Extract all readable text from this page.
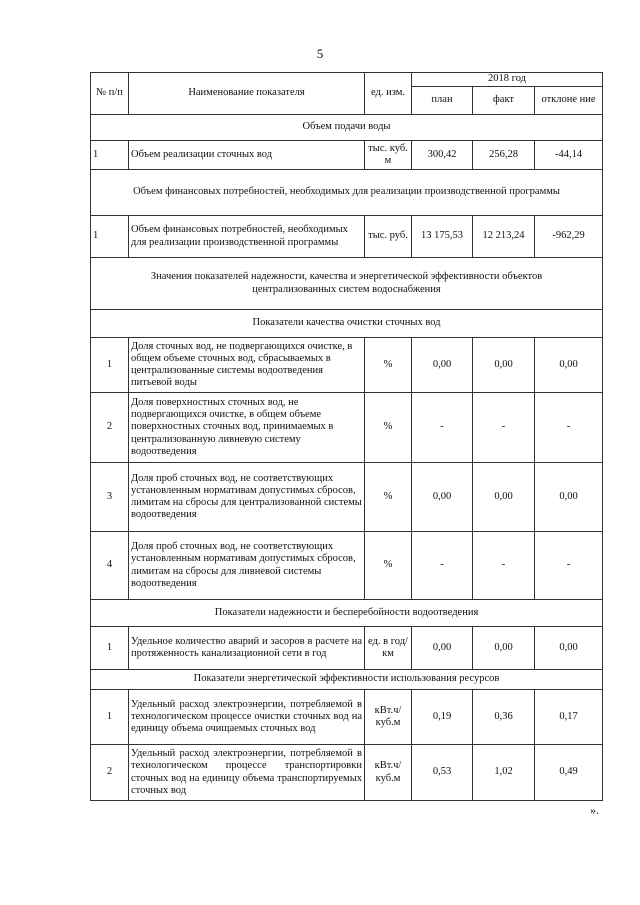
5
№ п/п	Наименование показателя	ед. изм.	2018 год		
			план	факт	отклоне ние
Объем подачи воды					
1	Объем реализации сточных вод	тыс. куб. м	300,42	256,28	-44,14
Объем финансовых потребностей, необходимых для реализации производственной программы					
1	Объем финансовых потребностей, необходимых для реализации производственной программы	тыс. руб.	13 175,53	12 213,24	-962,29
Значения показателей надежности, качества и энергетической эффективности объектов централизованных систем водоснабжения					
Показатели качества очистки сточных вод					
1	Доля сточных вод, не подвергающихся очистке, в общем объеме сточных вод, сбрасываемых в централизованные системы водоотведения питьевой воды	%	0,00	0,00	0,00
2	Доля поверхностных сточных вод, не подвергающихся очистке, в общем объеме поверхностных сточных вод, принимаемых в централизованную ливневую систему водоотведения	%	-	-	-
3	Доля проб сточных вод, не соответствующих установленным нормативам допустимых сбросов, лимитам на сбросы для централизованной системы водоотведения	%	0,00	0,00	0,00
4	Доля проб сточных вод, не соответствующих установленным нормативам допустимых сбросов, лимитам на сбросы для ливневой системы водоотведения	%	-	-	-
Показатели надежности и бесперебойности водоотведения					
1	Удельное количество аварий и засоров в расчете на протяженность канализационной сети в год	ед. в год/ км	0,00	0,00	0,00
Показатели энергетической эффективности использования ресурсов					
1	Удельный расход электроэнергии, потребляемой в технологическом процессе очистки сточных вод на единицу объема очищаемых сточных вод	кВт.ч/ куб.м	0,19	0,36	0,17
2	Удельный расход электроэнергии, потребляемой в технологическом процессе транспортировки сточных вод на единицу объема транспортируемых сточных вод	кВт.ч/ куб.м	0,53	1,02	0,49
».
